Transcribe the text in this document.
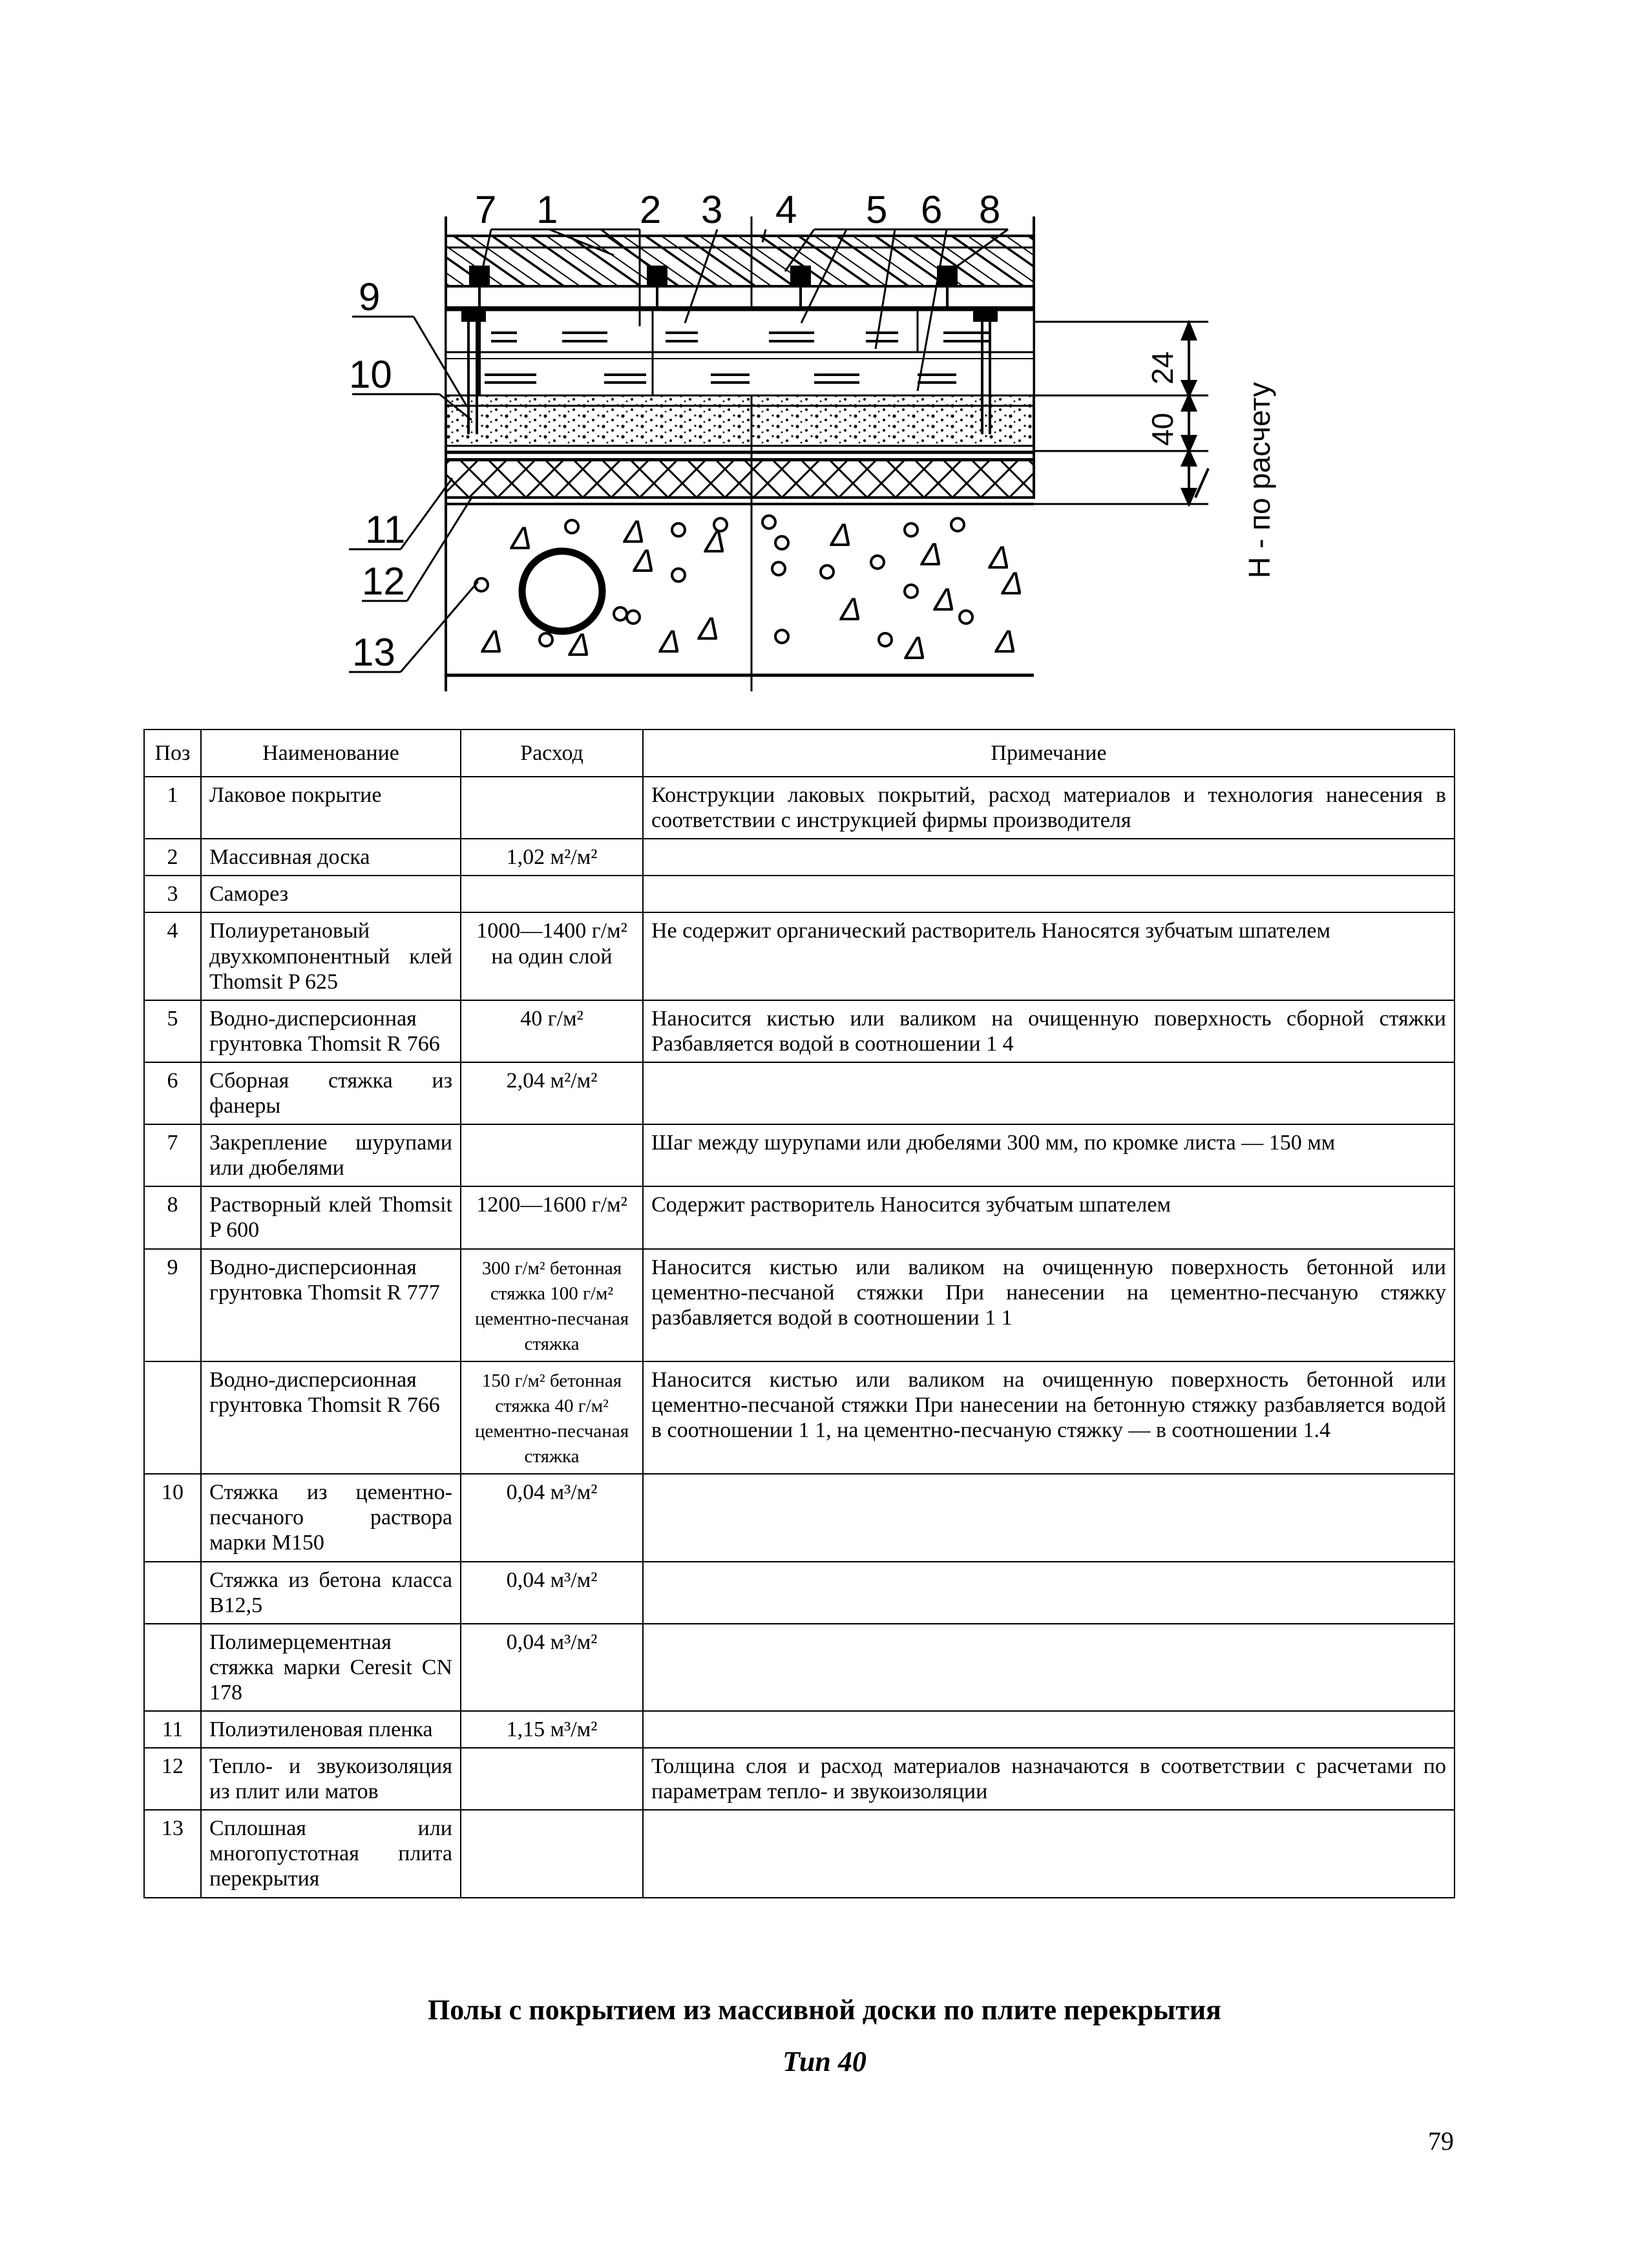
Δ	Δ Δ
Δ
Δ
Δ Δ
Δ
Δ
Δ Δ Δ Δ
Δ Δ
Δ
7 1 2 3 4 5 6 8
9
10
11
12
13
24
40 H - по расчету
Поз	Наименование	Расход	Примечание
1	Лаковое покрытие		Конструкции лаковых покрытий, расход материалов и технология нанесения в соответствии с инструкцией фирмы производителя
2	Массивная доска	1,02 м²/м²	
3	Саморез		
4	Полиуретановый двухкомпонентный клей Thomsit P 625	1000—1400 г/м² на один слой	Не содержит органический растворитель Наносятся зубчатым шпателем
5	Водно-дисперсионная грунтовка Thomsit R 766	40 г/м²	Наносится кистью или валиком на очищенную поверхность сборной стяжки Разбавляется водой в соотношении 1 4
6	Сборная стяжка из фанеры	2,04 м²/м²	
7	Закрепление шурупами или дюбелями		Шаг между шурупами или дюбелями 300 мм, по кромке листа — 150 мм
8	Растворный клей Thomsit P 600	1200—1600 г/м²	Содержит растворитель Наносится зубчатым шпателем
9	Водно-дисперсионная грунтовка Thomsit R 777	300 г/м² бетонная стяжка 100 г/м² цементно-песчаная стяжка	Наносится кистью или валиком на очищенную поверхность бетонной или цементно-песчаной стяжки При нанесении на цементно-песчаную стяжку разбавляется водой в соотношении 1 1
	Водно-дисперсионная грунтовка Thomsit R 766	150 г/м² бетонная стяжка 40 г/м² цементно-песчаная стяжка	Наносится кистью или валиком на очищенную поверхность бетонной или цементно-песчаной стяжки При нанесении на бетонную стяжку разбавляется водой в соотношении 1 1, на цементно-песчаную стяжку — в соотношении 1.4
10	Стяжка из цементно-песчаного раствора марки М150	0,04 м³/м²	
	Стяжка из бетона класса В12,5	0,04 м³/м²	
	Полимерцементная стяжка марки Ceresit CN 178	0,04 м³/м²	
11	Полиэтиленовая пленка	1,15 м³/м²	
12	Тепло- и звукоизоляция из плит или матов		Толщина слоя и расход материалов назначаются в соответствии с расчетами по параметрам тепло- и звукоизоляции
13	Сплошная или многопустотная плита перекрытия		
Полы с покрытием из массивной доски по плите перекрытия
Тип 40
79
